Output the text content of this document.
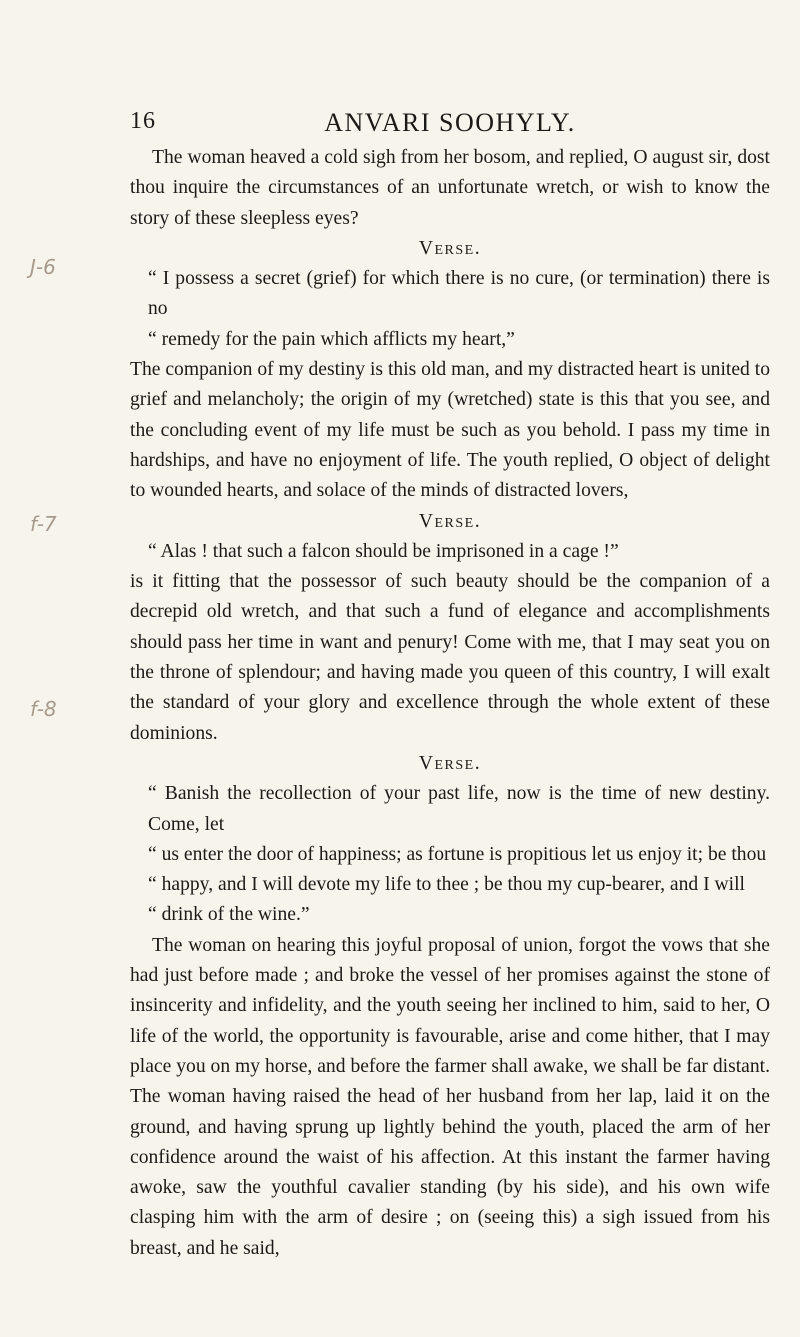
16	ANVARI SOOHYLY.
J-6
f-7
f-8

The woman heaved a cold sigh from her bosom, and replied, O august sir, dost thou inquire the circumstances of an unfortunate wretch, or wish to know the story of these sleepless eyes?

Verse.

“ I possess a secret (grief) for which there is no cure, (or termination) there is no

“ remedy for the pain which afflicts my heart,”

The companion of my destiny is this old man, and my distracted heart is united to grief and melancholy; the origin of my (wretched) state is this that you see, and the concluding event of my life must be such as you behold. I pass my time in hardships, and have no enjoyment of life. The youth replied, O object of delight to wounded hearts, and solace of the minds of distracted lovers,

Verse.

“ Alas ! that such a falcon should be imprisoned in a cage !”

is it fitting that the possessor of such beauty should be the companion of a decrepid old wretch, and that such a fund of elegance and accomplishments should pass her time in want and penury! Come with me, that I may seat you on the throne of splendour; and having made you queen of this country, I will exalt the standard of your glory and excellence through the whole extent of these dominions.

Verse.

“ Banish the recollection of your past life, now is the time of new destiny. Come, let

“ us enter the door of happiness; as fortune is propitious let us enjoy it; be thou

“ happy, and I will devote my life to thee ; be thou my cup-bearer, and I will

“ drink of the wine.”

The woman on hearing this joyful proposal of union, forgot the vows that she had just before made ; and broke the vessel of her promises against the stone of insincerity and infidelity, and the youth seeing her inclined to him, said to her, O life of the world, the opportunity is favourable, arise and come hither, that I may place you on my horse, and before the farmer shall awake, we shall be far distant. The woman having raised the head of her husband from her lap, laid it on the ground, and having sprung up lightly behind the youth, placed the arm of her confidence around the waist of his affection. At this instant the farmer having awoke, saw the youthful cavalier standing (by his side), and his own wife clasping him with the arm of desire ; on (seeing this) a sigh issued from his breast, and he said,
